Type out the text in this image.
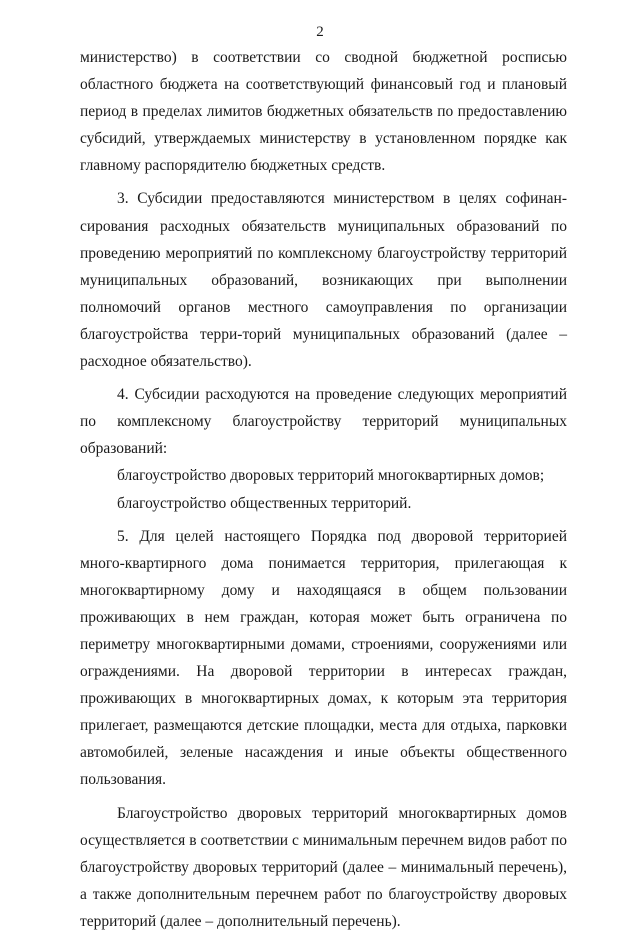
2

министерство) в соответствии со сводной бюджетной росписью областного бюджета на соответствующий финансовый год и плановый период в пределах лимитов бюджетных обязательств по предоставлению субсидий, утверждаемых министерству в установленном порядке как главному распорядителю бюджетных средств.

3. Субсидии предоставляются министерством в целях софинан-сирования расходных обязательств муниципальных образований по проведению мероприятий по комплексному благоустройству территорий муниципальных образований, возникающих при выполнении полномочий органов местного самоуправления по организации благоустройства терри-торий муниципальных образований (далее – расходное обязательство).

4. Субсидии расходуются на проведение следующих мероприятий по комплексному благоустройству территорий муниципальных образований:

благоустройство дворовых территорий многоквартирных домов;

благоустройство общественных территорий.

5. Для целей настоящего Порядка под дворовой территорией много-квартирного дома понимается территория, прилегающая к многоквартирному дому и находящаяся в общем пользовании проживающих в нем граждан, которая может быть ограничена по периметру многоквартирными домами, строениями, сооружениями или ограждениями. На дворовой территории в интересах граждан, проживающих в многоквартирных домах, к которым эта территория прилегает, размещаются детские площадки, места для отдыха, парковки автомобилей, зеленые насаждения и иные объекты общественного пользования.

Благоустройство дворовых территорий многоквартирных домов осуществляется в соответствии с минимальным перечнем видов работ по благоустройству дворовых территорий (далее – минимальный перечень), а также дополнительным перечнем работ по благоустройству дворовых территорий (далее – дополнительный перечень).
